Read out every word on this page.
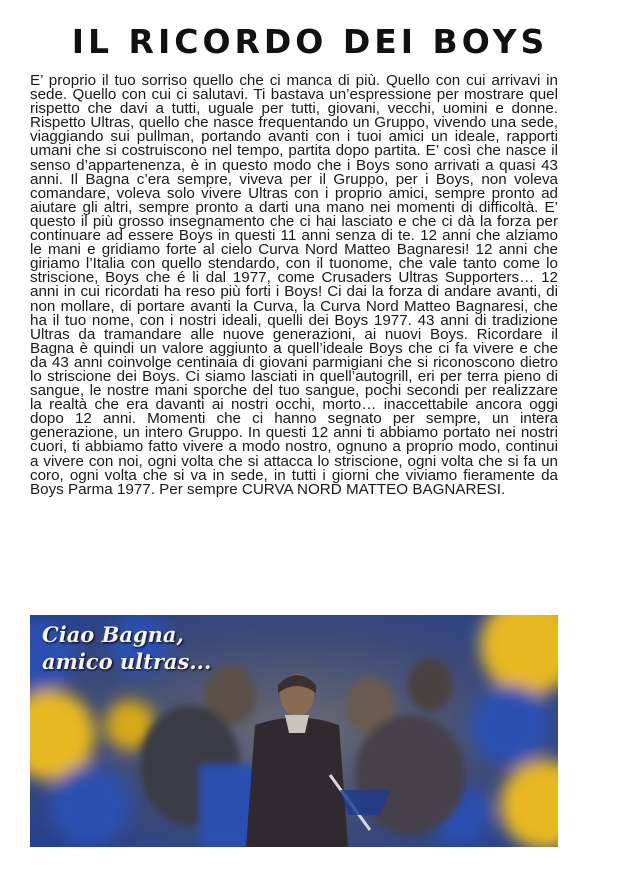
IL RICORDO DEI BOYS

E’ proprio il tuo sorriso quello che ci manca di più. Quello con cui arrivavi in sede. Quello con cui ci salutavi. Ti bastava un’espressione per mostrare quel rispetto che davi a tutti, uguale per tutti, giovani, vecchi, uomini e donne. Rispetto Ultras, quello che nasce frequentando un Gruppo, vivendo una sede, viaggiando sui pullman, portando avanti con i tuoi amici un ideale, rapporti umani che si costruiscono nel tempo, partita dopo partita. E’ così che nasce il senso d’appartenenza, è in questo modo che i Boys sono arrivati a quasi 43 anni. Il Bagna c’era sempre, viveva per il Gruppo, per i Boys, non voleva comandare, voleva solo vivere Ultras con i proprio amici, sempre pronto ad aiutare gli altri, sempre pronto a darti una mano nei momenti di difficoltà. E’ questo il più grosso insegnamento che ci hai lasciato e che ci dà la forza per continuare ad essere Boys in questi 11 anni senza di te. 12 anni che alziamo le mani e gridiamo forte al cielo Curva Nord Matteo Bagnaresi! 12 anni che giriamo l’Italia con quello stendardo, con il tuonome, che vale tanto come lo striscione, Boys che é li dal 1977, come Crusaders Ultras Supporters… 12 anni in cui ricordati ha reso più forti i Boys! Ci dai la forza di andare avanti, di non mollare, di portare avanti la Curva, la Curva Nord Matteo Bagnaresi, che ha il tuo nome, con i nostri ideali, quelli dei Boys 1977. 43 anni di tradizione Ultras da tramandare alle nuove generazioni, ai nuovi Boys. Ricordare il Bagna è quindi un valore aggiunto a quell’ideale Boys che ci fa vivere e che da 43 anni coinvolge centinaia di giovani parmigiani che si riconoscono dietro lo striscione dei Boys. Ci siamo lasciati in quell’autogrill, eri per terra pieno di sangue, le nostre mani sporche del tuo sangue, pochi secondi per realizzare la realtà che era davanti ai nostri occhi, morto… inaccettabile ancora oggi dopo 12 anni. Momenti che ci hanno segnato per sempre, un intera generazione, un intero Gruppo. In questi 12 anni ti abbiamo portato nei nostri cuori, ti abbiamo fatto vivere a modo nostro, ognuno a proprio modo, continui a vivere con noi, ogni volta che si attacca lo striscione, ogni volta che si fa un coro, ogni volta che si va in sede, in tutti i giorni che viviamo fieramente da Boys Parma 1977. Per sempre CURVA NORD MATTEO BAGNARESI.

Ciao Bagna,
amico ultras...
